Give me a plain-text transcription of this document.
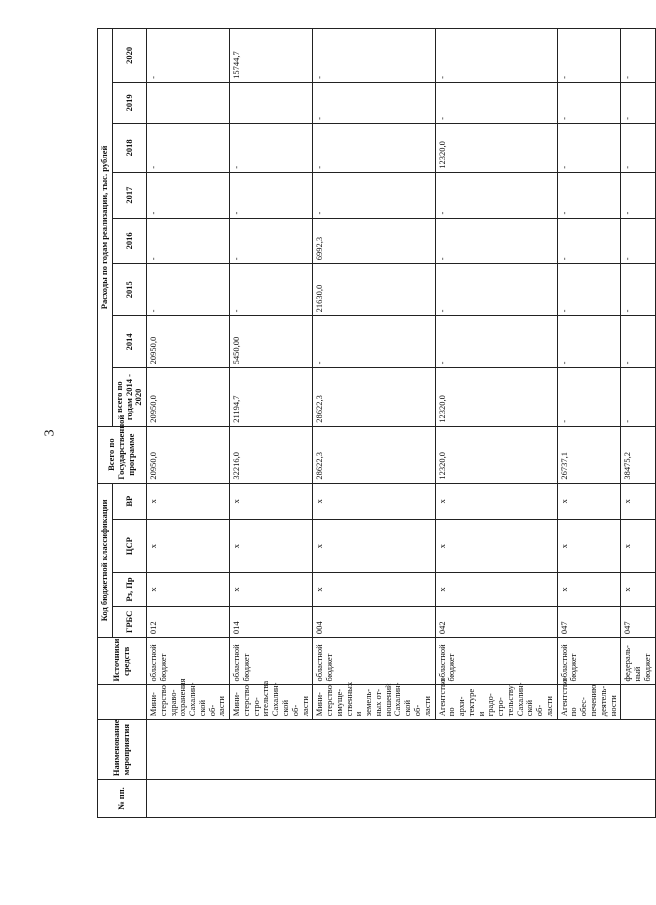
3
№ пп.	Наименование мероприятия		Источники средств	Код бюджетной классификации				Всего по Государственной программе	Расходы по годам реализации, тыс. рублей							
				ГРБС	Рз, Пр	ЦСР	ВР		всего по годам 2014 - 2020	2014	2015	2016	2017	2018	2019	2020
		Мини-стерство здраво-охранения Сахалин-ской об-ласти	областной бюджет	012	x	x	x	20950,0	20950,0	20950,0	-	-	-	-		-
		Мини-стерство стро-ительства Сахалин-ской об-ласти	областной бюджет	014	x	x	x	32216,0	21194,7	5450,00	-	-	-	-		15744,7
		Мини-стерство имуще-ственных и земель-ных от-ношений Сахалин-ской об-ласти	областной бюджет	004	x	x	x	28622,3	28622,3	-	21630,0	6992,3	-	-	-	-
		Агентство по архи-тектуре и градо-стро-тельству Сахалин-ской об-ласти	областной бюджет	042	x	x	x	12320,0	12320,0	-	-	-	-	12320,0	-	-
		Агентство по обес-печению деятель-ности	областной бюджет	047	x	x	x	26737,1	-	-	-	-	-	-	-	-
			федераль-ный бюджет	047	x	x	x	38475,2	-	-	-	-	-	-	-	-
